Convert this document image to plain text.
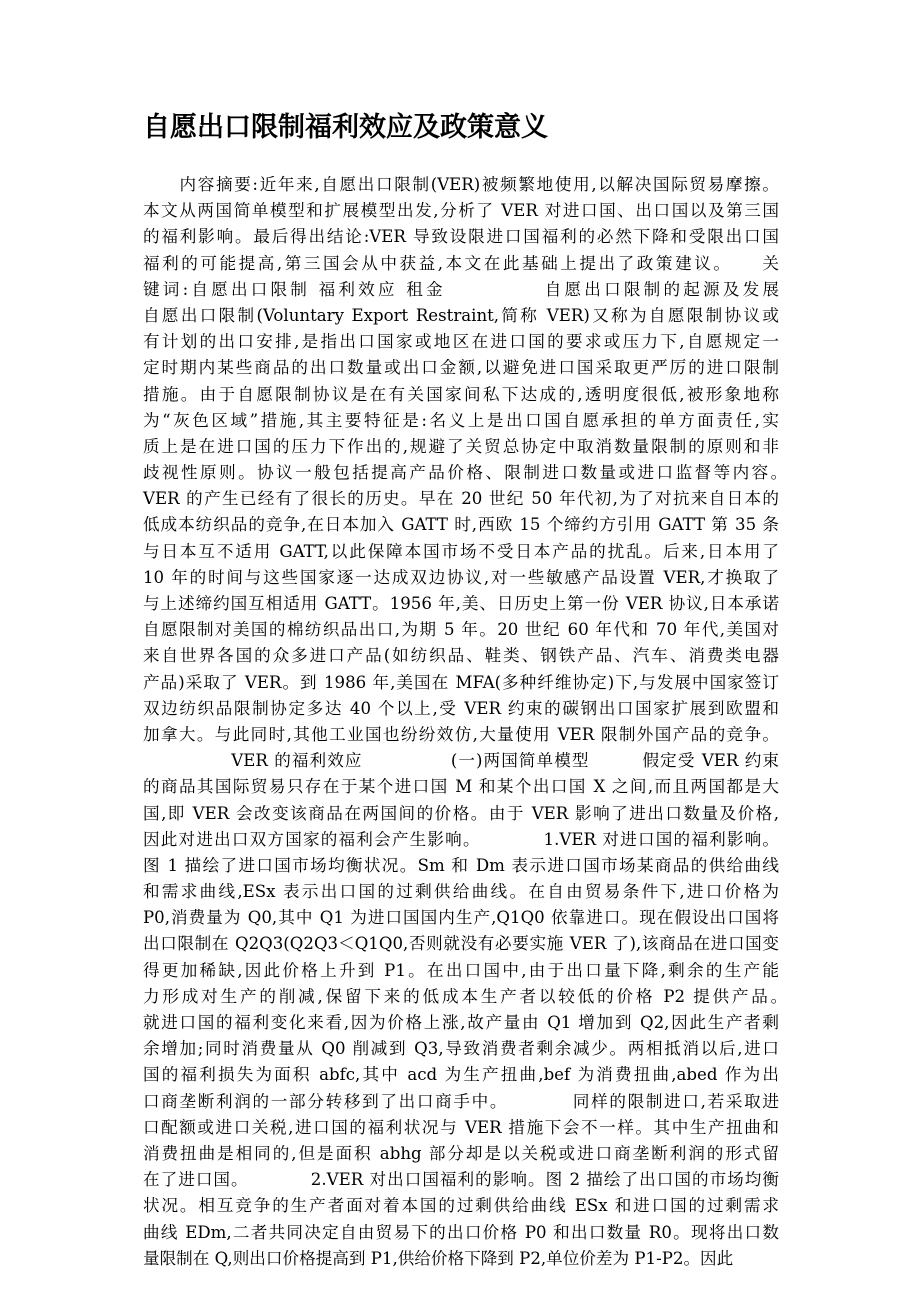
自愿出口限制福利效应及政策意义
　　内容摘要:近年来,自愿出口限制(VER)被频繁地使用,以解决国际贸易摩擦。
本文从两国简单模型和扩展模型出发,分析了 VER 对进口国、出口国以及第三国
的福利影响。最后得出结论:VER 导致设限进口国福利的必然下降和受限出口国
福利的可能提高,第三国会从中获益,本文在此基础上提出了政策建议。　　关
键词:自愿出口限制 福利效应 租金　　　　　自愿出口限制的起源及发展　　
自愿出口限制(Voluntary Export Restraint,简称 VER)又称为自愿限制协议或
有计划的出口安排,是指出口国家或地区在进口国的要求或压力下,自愿规定一
定时期内某些商品的出口数量或出口金额,以避免进口国采取更严厉的进口限制
措施。由于自愿限制协议是在有关国家间私下达成的,透明度很低,被形象地称
为“灰色区域”措施,其主要特征是:名义上是出口国自愿承担的单方面责任,实
质上是在进口国的压力下作出的,规避了关贸总协定中取消数量限制的原则和非
歧视性原则。协议一般包括提高产品价格、限制进口数量或进口监督等内容。　
VER 的产生已经有了很长的历史。早在 20 世纪 50 年代初,为了对抗来自日本的
低成本纺织品的竞争,在日本加入 GATT 时,西欧 15 个缔约方引用 GATT 第 35 条
与日本互不适用 GATT,以此保障本国市场不受日本产品的扰乱。后来,日本用了
10 年的时间与这些国家逐一达成双边协议,对一些敏感产品设置 VER,才换取了
与上述缔约国互相适用 GATT。1956 年,美、日历史上第一份 VER 协议,日本承诺
自愿限制对美国的棉纺织品出口,为期 5 年。20 世纪 60 年代和 70 年代,美国对
来自世界各国的众多进口产品(如纺织品、鞋类、钢铁产品、汽车、消费类电器
产品)采取了 VER。到 1986 年,美国在 MFA(多种纤维协定)下,与发展中国家签订
双边纺织品限制协定多达 40 个以上,受 VER 约束的碳钢出口国家扩展到欧盟和
加拿大。与此同时,其他工业国也纷纷效仿,大量使用 VER 限制外国产品的竞争。
　　　　　VER 的福利效应　　　　　(一)两国简单模型　　　假定受 VER 约束
的商品其国际贸易只存在于某个进口国 M 和某个出口国 X 之间,而且两国都是大
国,即 VER 会改变该商品在两国间的价格。由于 VER 影响了进出口数量及价格,
因此对进出口双方国家的福利会产生影响。　　　　1.VER 对进口国的福利影响。
图 1 描绘了进口国市场均衡状况。Sm 和 Dm 表示进口国市场某商品的供给曲线
和需求曲线,ESx 表示出口国的过剩供给曲线。在自由贸易条件下,进口价格为
P0,消费量为 Q0,其中 Q1 为进口国国内生产,Q1Q0 依靠进口。现在假设出口国将
出口限制在 Q2Q3(Q2Q3＜Q1Q0,否则就没有必要实施 VER 了),该商品在进口国变
得更加稀缺,因此价格上升到 P1。在出口国中,由于出口量下降,剩余的生产能
力形成对生产的削减,保留下来的低成本生产者以较低的价格 P2 提供产品。　
就进口国的福利变化来看,因为价格上涨,故产量由 Q1 增加到 Q2,因此生产者剩
余增加;同时消费量从 Q0 削减到 Q3,导致消费者剩余减少。两相抵消以后,进口
国的福利损失为面积 abfc,其中 acd 为生产扭曲,bef 为消费扭曲,abed 作为出
口商垄断利润的一部分转移到了出口商手中。　　　　同样的限制进口,若采取进
口配额或进口关税,进口国的福利状况与 VER 措施下会不一样。其中生产扭曲和
消费扭曲是相同的,但是面积 abhg 部分却是以关税或进口商垄断利润的形式留
在了进口国。　　　　2.VER 对出口国福利的影响。图 2 描绘了出口国的市场均衡
状况。相互竞争的生产者面对着本国的过剩供给曲线 ESx 和进口国的过剩需求
曲线 EDm,二者共同决定自由贸易下的出口价格 P0 和出口数量 R0。现将出口数
量限制在 Q,则出口价格提高到 P1,供给价格下降到 P2,单位价差为 P1-P2。因此
